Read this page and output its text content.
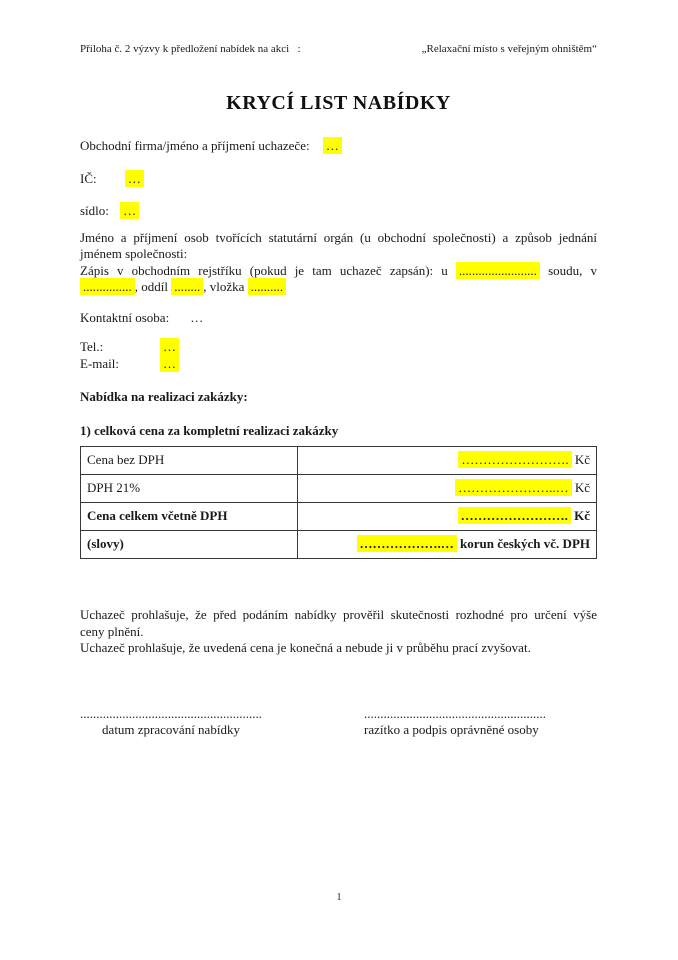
Příloha č. 2 výzvy k předložení nabídek na akci   :	„Relaxační místo s veřejným ohništěm“
KRYCÍ LIST NABÍDKY
Obchodní firma/jméno a příjmení uchazeče: …
IČ: …
sídlo: …
Jméno a příjmení osob tvořících statutární orgán (u obchodní společnosti) a způsob jednání
jménem společnosti:
Zápis v obchodním rejstříku (pokud je tam uchazeč zapsán): u ........................ soudu, v
............... , oddíl ........ , vložka ..........
Kontaktní osoba: …
Tel.:	…
E-mail:	…
Nabídka na realizaci zakázky:
1) celková cena za kompletní realizaci zakázky
Cena bez DPH	……………………. Kč
DPH 21%	…………………..… Kč
Cena celkem včetně DPH	……………………. Kč
(slovy)	……………….… korun českých vč. DPH
Uchazeč prohlašuje, že před podáním nabídky prověřil skutečnosti rozhodné pro určení výše
ceny plnění.
Uchazeč prohlašuje, že uvedená cena je konečná a nebude ji v průběhu prací zvyšovat.
........................................................
datum zpracování nabídky
........................................................
razítko a podpis oprávněné osoby
1
